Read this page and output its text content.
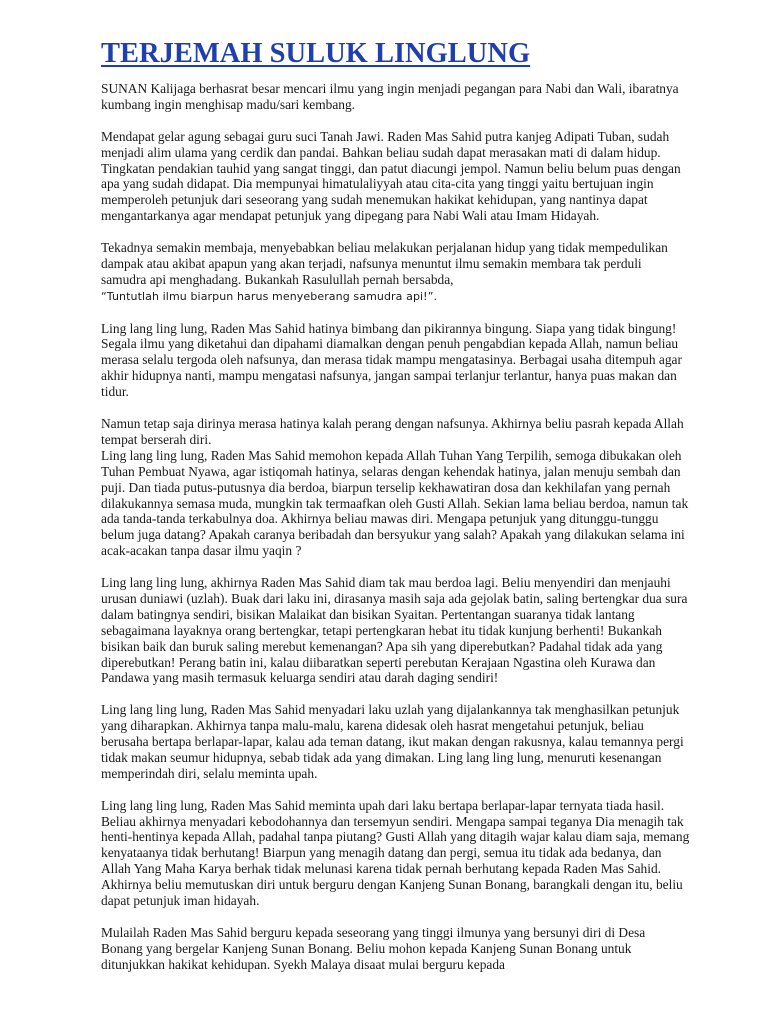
TERJEMAH SULUK LINGLUNG

SUNAN Kalijaga berhasrat besar mencari ilmu yang ingin menjadi pegangan para Nabi dan Wali, ibaratnya kumbang ingin menghisap madu/sari kembang.

Mendapat gelar agung sebagai guru suci Tanah Jawi. Raden Mas Sahid putra kanjeg Adipati Tuban, sudah menjadi alim ulama yang cerdik dan pandai. Bahkan beliau sudah dapat merasakan mati di dalam hidup. Tingkatan pendakian tauhid yang sangat tinggi, dan patut diacungi jempol. Namun beliu belum puas dengan apa yang sudah didapat. Dia mempunyai himatulaliyyah atau cita-cita yang tinggi yaitu bertujuan ingin memperoleh petunjuk dari seseorang yang sudah menemukan hakikat kehidupan, yang nantinya dapat mengantarkanya agar mendapat petunjuk yang dipegang para Nabi Wali atau Imam Hidayah.

Tekadnya semakin membaja, menyebabkan beliau melakukan perjalanan hidup yang tidak mempedulikan dampak atau akibat apapun yang akan terjadi, nafsunya menuntut ilmu semakin membara tak perduli samudra api menghadang. Bukankah Rasulullah pernah bersabda,

“Tuntutlah ilmu biarpun harus menyeberang samudra api!”.

Ling lang ling lung, Raden Mas Sahid hatinya bimbang dan pikirannya bingung. Siapa yang tidak bingung! Segala ilmu yang diketahui dan dipahami diamalkan dengan penuh pengabdian kepada Allah, namun beliau merasa selalu tergoda oleh nafsunya, dan merasa tidak mampu mengatasinya. Berbagai usaha ditempuh agar akhir hidupnya nanti, mampu mengatasi nafsunya, jangan sampai terlanjur terlantur, hanya puas makan dan tidur.

Namun tetap saja dirinya merasa hatinya kalah perang dengan nafsunya. Akhirnya beliu pasrah kepada Allah tempat berserah diri.

Ling lang ling lung, Raden Mas Sahid memohon kepada Allah Tuhan Yang Terpilih, semoga dibukakan oleh Tuhan Pembuat Nyawa, agar istiqomah hatinya, selaras dengan kehendak hatinya, jalan menuju sembah dan puji. Dan tiada putus-putusnya dia berdoa, biarpun terselip kekhawatiran dosa dan kekhilafan yang pernah dilakukannya semasa muda, mungkin tak termaafkan oleh Gusti Allah. Sekian lama beliau berdoa, namun tak ada tanda-tanda terkabulnya doa. Akhirnya beliau mawas diri. Mengapa petunjuk yang ditunggu-tunggu belum juga datang? Apakah caranya beribadah dan bersyukur yang salah? Apakah yang dilakukan selama ini acak-acakan tanpa dasar ilmu yaqin ?

Ling lang ling lung, akhirnya Raden Mas Sahid diam tak mau berdoa lagi. Beliu menyendiri dan menjauhi urusan duniawi (uzlah). Buak dari laku ini, dirasanya masih saja ada gejolak batin, saling bertengkar dua sura dalam batingnya sendiri, bisikan Malaikat dan bisikan Syaitan. Pertentangan suaranya tidak lantang sebagaimana layaknya orang bertengkar, tetapi pertengkaran hebat itu tidak kunjung berhenti! Bukankah bisikan baik dan buruk saling merebut kemenangan? Apa sih yang diperebutkan? Padahal tidak ada yang diperebutkan! Perang batin ini, kalau diibaratkan seperti perebutan Kerajaan Ngastina oleh Kurawa dan Pandawa yang masih termasuk keluarga sendiri atau darah daging sendiri!

Ling lang ling lung, Raden Mas Sahid menyadari laku uzlah yang dijalankannya tak menghasilkan petunjuk yang diharapkan. Akhirnya tanpa malu-malu, karena didesak oleh hasrat mengetahui petunjuk, beliau berusaha bertapa berlapar-lapar, kalau ada teman datang, ikut makan dengan rakusnya, kalau temannya pergi tidak makan seumur hidupnya, sebab tidak ada yang dimakan. Ling lang ling lung, menuruti kesenangan memperindah diri, selalu meminta upah.

Ling lang ling lung, Raden Mas Sahid meminta upah dari laku bertapa berlapar-lapar ternyata tiada hasil. Beliau akhirnya menyadari kebodohannya dan tersemyun sendiri. Mengapa sampai teganya Dia menagih tak henti-hentinya kepada Allah, padahal tanpa piutang? Gusti Allah yang ditagih wajar kalau diam saja, memang kenyataanya tidak berhutang! Biarpun yang menagih datang dan pergi, semua itu tidak ada bedanya, dan Allah Yang Maha Karya berhak tidak melunasi karena tidak pernah berhutang kepada Raden Mas Sahid. Akhirnya beliu memutuskan diri untuk berguru dengan Kanjeng Sunan Bonang, barangkali dengan itu, beliu dapat petunjuk iman hidayah.

Mulailah Raden Mas Sahid berguru kepada seseorang yang tinggi ilmunya yang bersunyi diri di Desa Bonang yang bergelar Kanjeng Sunan Bonang. Beliu mohon kepada Kanjeng Sunan Bonang untuk ditunjukkan hakikat kehidupan. Syekh Malaya disaat mulai berguru kepada
